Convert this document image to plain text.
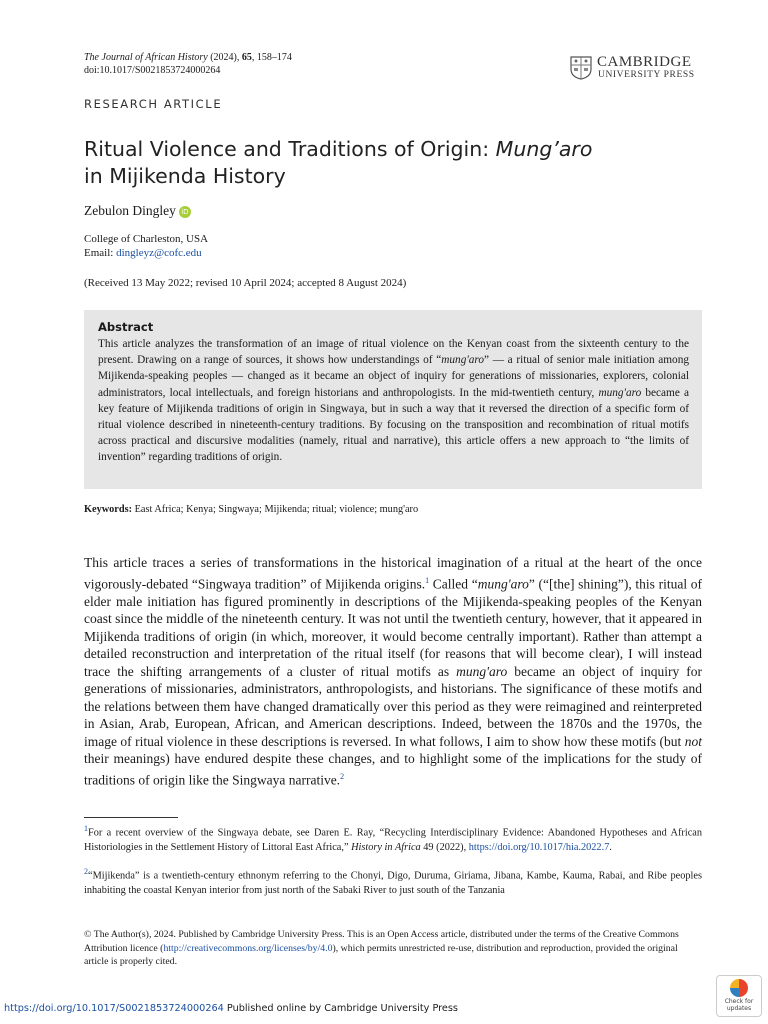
The Journal of African History (2024), 65, 158–174
doi:10.1017/S0021853724000264
CAMBRIDGE
UNIVERSITY PRESS
RESEARCH ARTICLE
Ritual Violence and Traditions of Origin: Mung’aro
in Mijikenda History
Zebulon Dingley iD
College of Charleston, USA
Email: dingleyz@cofc.edu
(Received 13 May 2022; revised 10 April 2024; accepted 8 August 2024)
Abstract
This article analyzes the transformation of an image of ritual violence on the Kenyan coast from the sixteenth century to the present. Drawing on a range of sources, it shows how understandings of “mung'aro” — a ritual of senior male initiation among Mijikenda-speaking peoples — changed as it became an object of inquiry for generations of missionaries, explorers, colonial administrators, local intellectuals, and foreign historians and anthropologists. In the mid-twentieth century, mung'aro became a key feature of Mijikenda traditions of origin in Singwaya, but in such a way that it reversed the direction of a specific form of ritual violence described in nineteenth-century traditions. By focusing on the transposition and recombination of ritual motifs across practical and discursive modalities (namely, ritual and narrative), this article offers a new approach to “the limits of invention” regarding traditions of origin.
Keywords: East Africa; Kenya; Singwaya; Mijikenda; ritual; violence; mung'aro
This article traces a series of transformations in the historical imagination of a ritual at the heart of the once vigorously-debated “Singwaya tradition” of Mijikenda origins.$^1$ Called “mung'aro” (“[the] shining”), this ritual of elder male initiation has figured prominently in descriptions of the Mijikenda-speaking peoples of the Kenyan coast since the middle of the nineteenth century. It was not until the twentieth century, however, that it appeared in Mijikenda traditions of origin (in which, moreover, it would become centrally important). Rather than attempt a detailed reconstruction and interpretation of the ritual itself (for reasons that will become clear), I will instead trace the shifting arrangements of a cluster of ritual motifs as mung'aro became an object of inquiry for generations of missionaries, administrators, anthropologists, and historians. The significance of these motifs and the relations between them have changed dramatically over this period as they were reimagined and reinterpreted in Asian, Arab, European, African, and American descriptions. Indeed, between the 1870s and the 1970s, the image of ritual violence in these descriptions is reversed. In what follows, I aim to show how these motifs (but not their meanings) have endured despite these changes, and to highlight some of the implications for the study of traditions of origin like the Singwaya narrative.$^2$
$^1$For a recent overview of the Singwaya debate, see Daren E. Ray, “Recycling Interdisciplinary Evidence: Abandoned Hypotheses and African Historiologies in the Settlement History of Littoral East Africa,” History in Africa 49 (2022), https://doi.org/10.1017/hia.2022.7.
$^2$“Mijikenda” is a twentieth-century ethnonym referring to the Chonyi, Digo, Duruma, Giriama, Jibana, Kambe, Kauma, Rabai, and Ribe peoples inhabiting the coastal Kenyan interior from just north of the Sabaki River to just south of the Tanzania
© The Author(s), 2024. Published by Cambridge University Press. This is an Open Access article, distributed under the terms of the Creative Commons Attribution licence (http://creativecommons.org/licenses/by/4.0), which permits unrestricted re-use, distribution and reproduction, provided the original article is properly cited.
https://doi.org/10.1017/S0021853724000264 Published online by Cambridge University Press
Check for
updates
